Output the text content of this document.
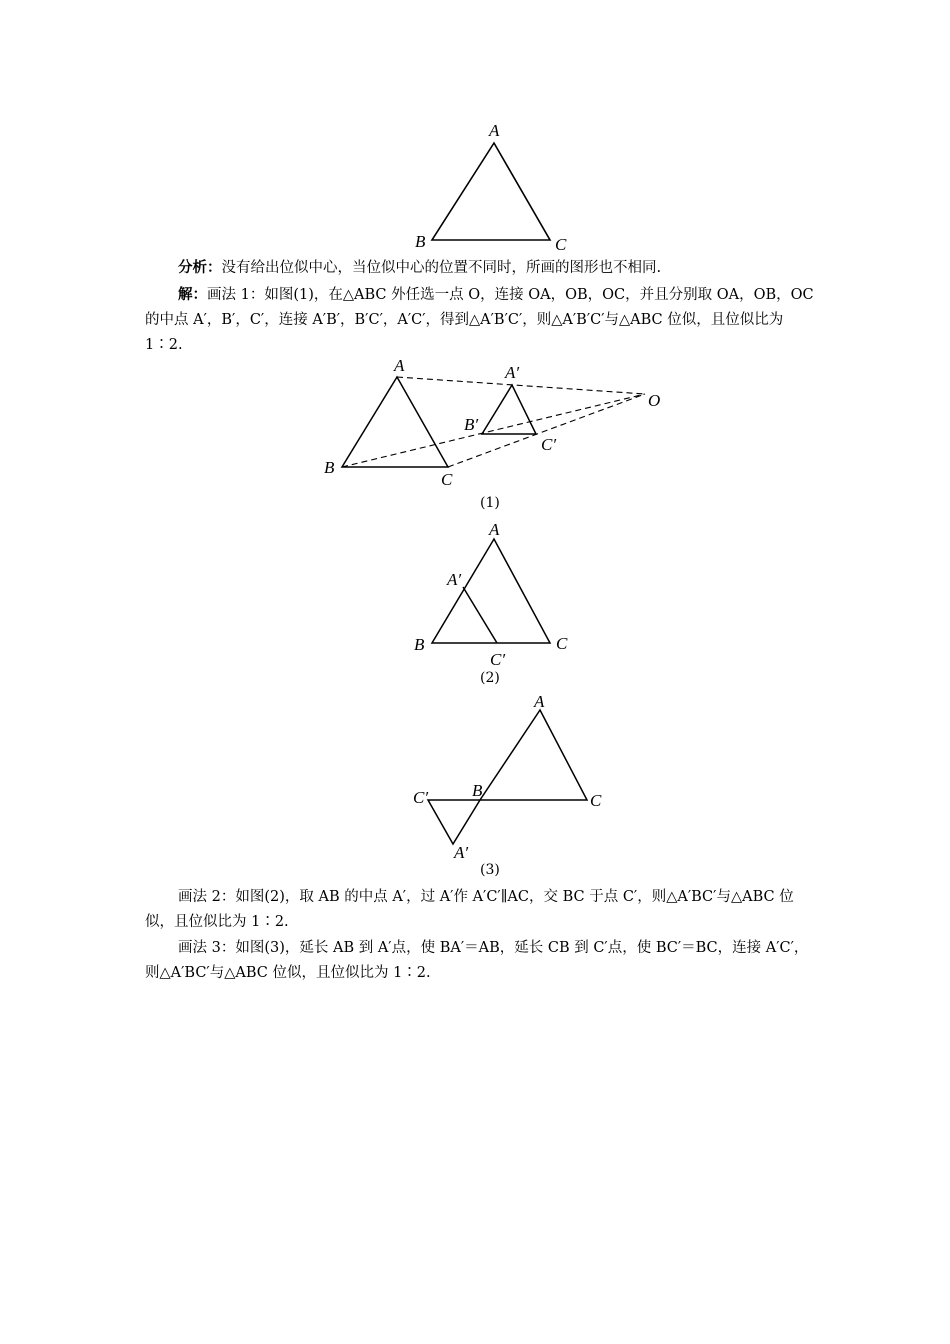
A
B	C

分析：没有给出位似中心，当位似中心的位置不同时，所画的图形也不相同.

解：画法 1：如图(1)，在△ABC 外任选一点 O，连接 OA，OB，OC，并且分别取 OA，OB，OC 的中点 A′，B′，C′，连接 A′B′，B′C′，A′C′，得到△A′B′C′，则△A′B′C′与△ABC 位似，且位似比为 1∶2.

A
B
C
A′
B′
C′
O
(1)
A
B	C
A′
C′
(2)
A
B
C
A′
C′
(3)

画法 2：如图(2)，取 AB 的中点 A′，过 A′作 A′C′∥AC，交 BC 于点 C′，则△A′BC′与△ABC 位似，且位似比为 1∶2.

画法 3：如图(3)，延长 AB 到 A′点，使 BA′＝AB，延长 CB 到 C′点，使 BC′＝BC，连接 A′C′，则△A′BC′与△ABC 位似，且位似比为 1∶2.
